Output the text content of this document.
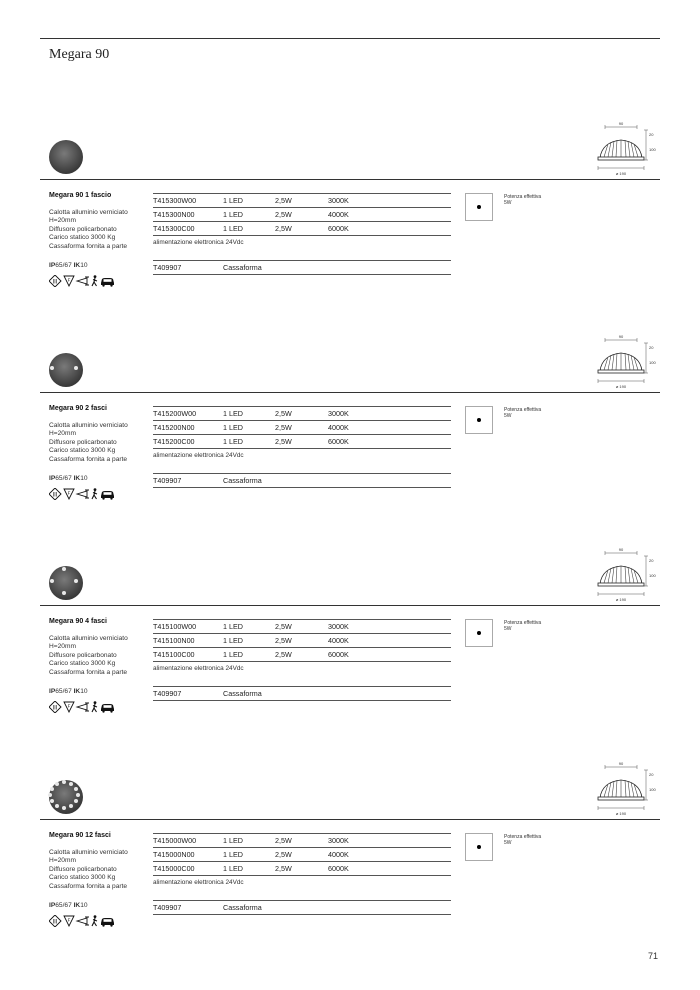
Megara 90
90
20
100
⌀ 190
Megara 90 1 fascio
Calotta alluminio verniciato
H=20mm
Diffusore policarbonato
Carico statico 3000 Kg
Cassaforma fornita a parte
IP65/67 IK10
III F
T415300W00	1 LED	2,5W	3000K
T415300N00	1 LED	2,5W	4000K
T415300C00	1 LED	2,5W	6000K
alimentazione elettronica 24Vdc
T409907	Cassaforma
Potenza effettiva
5W
90
20
100
⌀ 190
Megara 90 2 fasci
Calotta alluminio verniciato
H=20mm
Diffusore policarbonato
Carico statico 3000 Kg
Cassaforma fornita a parte
IP65/67 IK10
III F
T415200W00	1 LED	2,5W	3000K
T415200N00	1 LED	2,5W	4000K
T415200C00	1 LED	2,5W	6000K
alimentazione elettronica 24Vdc
T409907	Cassaforma
Potenza effettiva
5W
90
20
100
⌀ 190
Megara 90 4 fasci
Calotta alluminio verniciato
H=20mm
Diffusore policarbonato
Carico statico 3000 Kg
Cassaforma fornita a parte
IP65/67 IK10
III F
T415100W00	1 LED	2,5W	3000K
T415100N00	1 LED	2,5W	4000K
T415100C00	1 LED	2,5W	6000K
alimentazione elettronica 24Vdc
T409907	Cassaforma
Potenza effettiva
5W
90
20
100
⌀ 190
Megara 90 12 fasci
Calotta alluminio verniciato
H=20mm
Diffusore policarbonato
Carico statico 3000 Kg
Cassaforma fornita a parte
IP65/67 IK10
III F
T415000W00	1 LED	2,5W	3000K
T415000N00	1 LED	2,5W	4000K
T415000C00	1 LED	2,5W	6000K
alimentazione elettronica 24Vdc
T409907	Cassaforma
Potenza effettiva
5W
71
